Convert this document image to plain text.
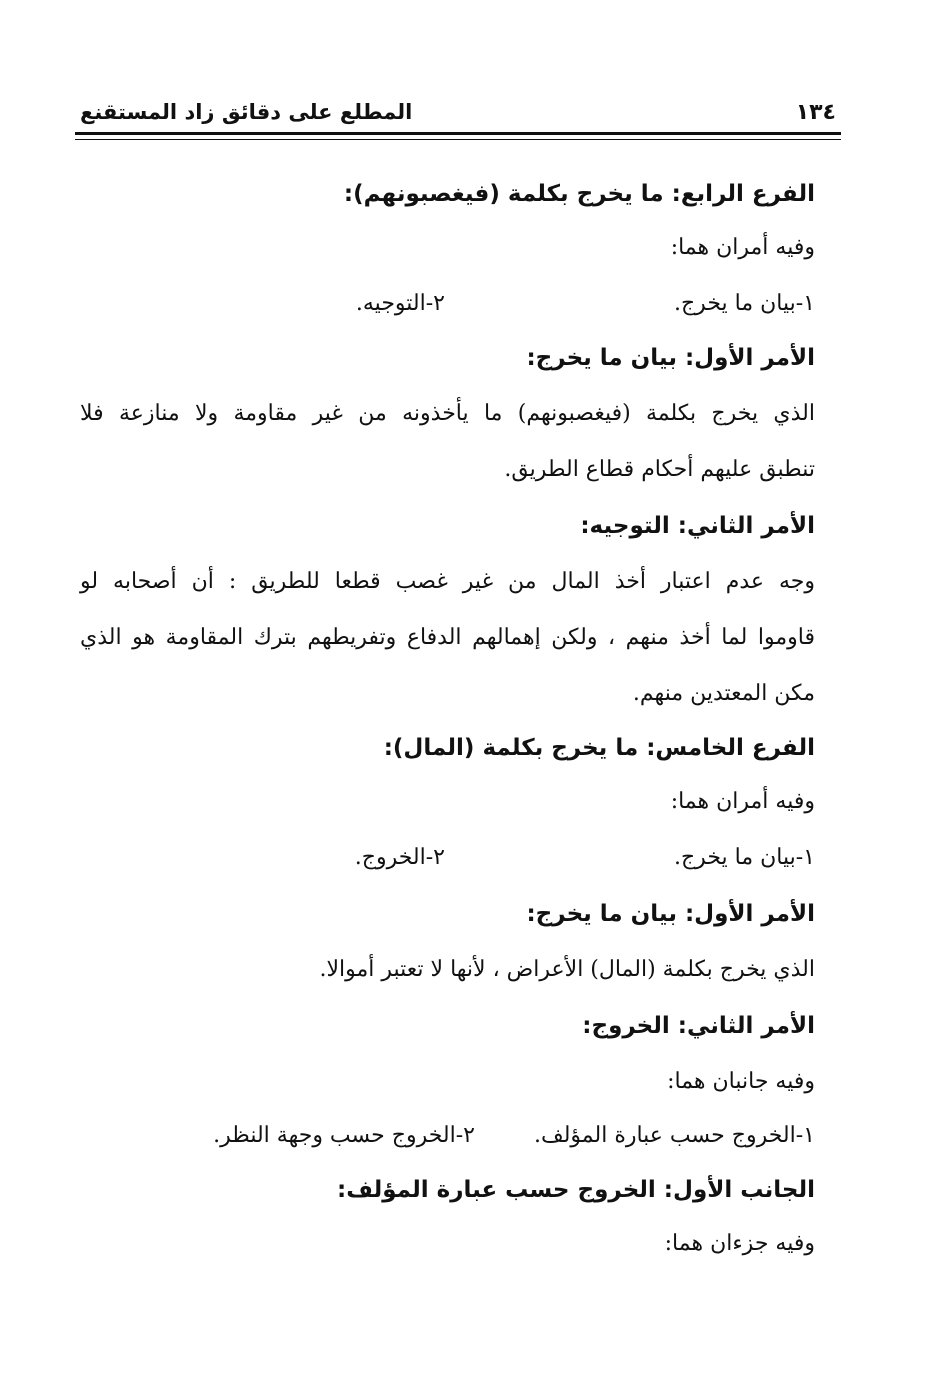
١٣٤
المطلع على دقائق زاد المستقنع
الفرع الرابع: ما يخرج بكلمة (فيغصبونهم):
وفيه أمران هما:
١-بيان ما يخرج.
٢-التوجيه.
الأمر الأول: بيان ما يخرج:
الذي يخرج بكلمة (فيغصبونهم) ما يأخذونه من غير مقاومة ولا منازعة فلا
تنطبق عليهم أحكام قطاع الطريق.
الأمر الثاني: التوجيه:
وجه عدم اعتبار أخذ المال من غير غصب قطعا للطريق : أن أصحابه لو
قاوموا لما أخذ منهم ، ولكن إهمالهم الدفاع وتفريطهم بترك المقاومة هو الذي
مكن المعتدين منهم.
الفرع الخامس: ما يخرج بكلمة (المال):
وفيه أمران هما:
١-بيان ما يخرج.
٢-الخروج.
الأمر الأول: بيان ما يخرج:
الذي يخرج بكلمة (المال) الأعراض ، لأنها لا تعتبر أموالا.
الأمر الثاني: الخروج:
وفيه جانبان هما:
١-الخروج حسب عبارة المؤلف.
٢-الخروج حسب وجهة النظر.
الجانب الأول: الخروج حسب عبارة المؤلف:
وفيه جزءان هما:
